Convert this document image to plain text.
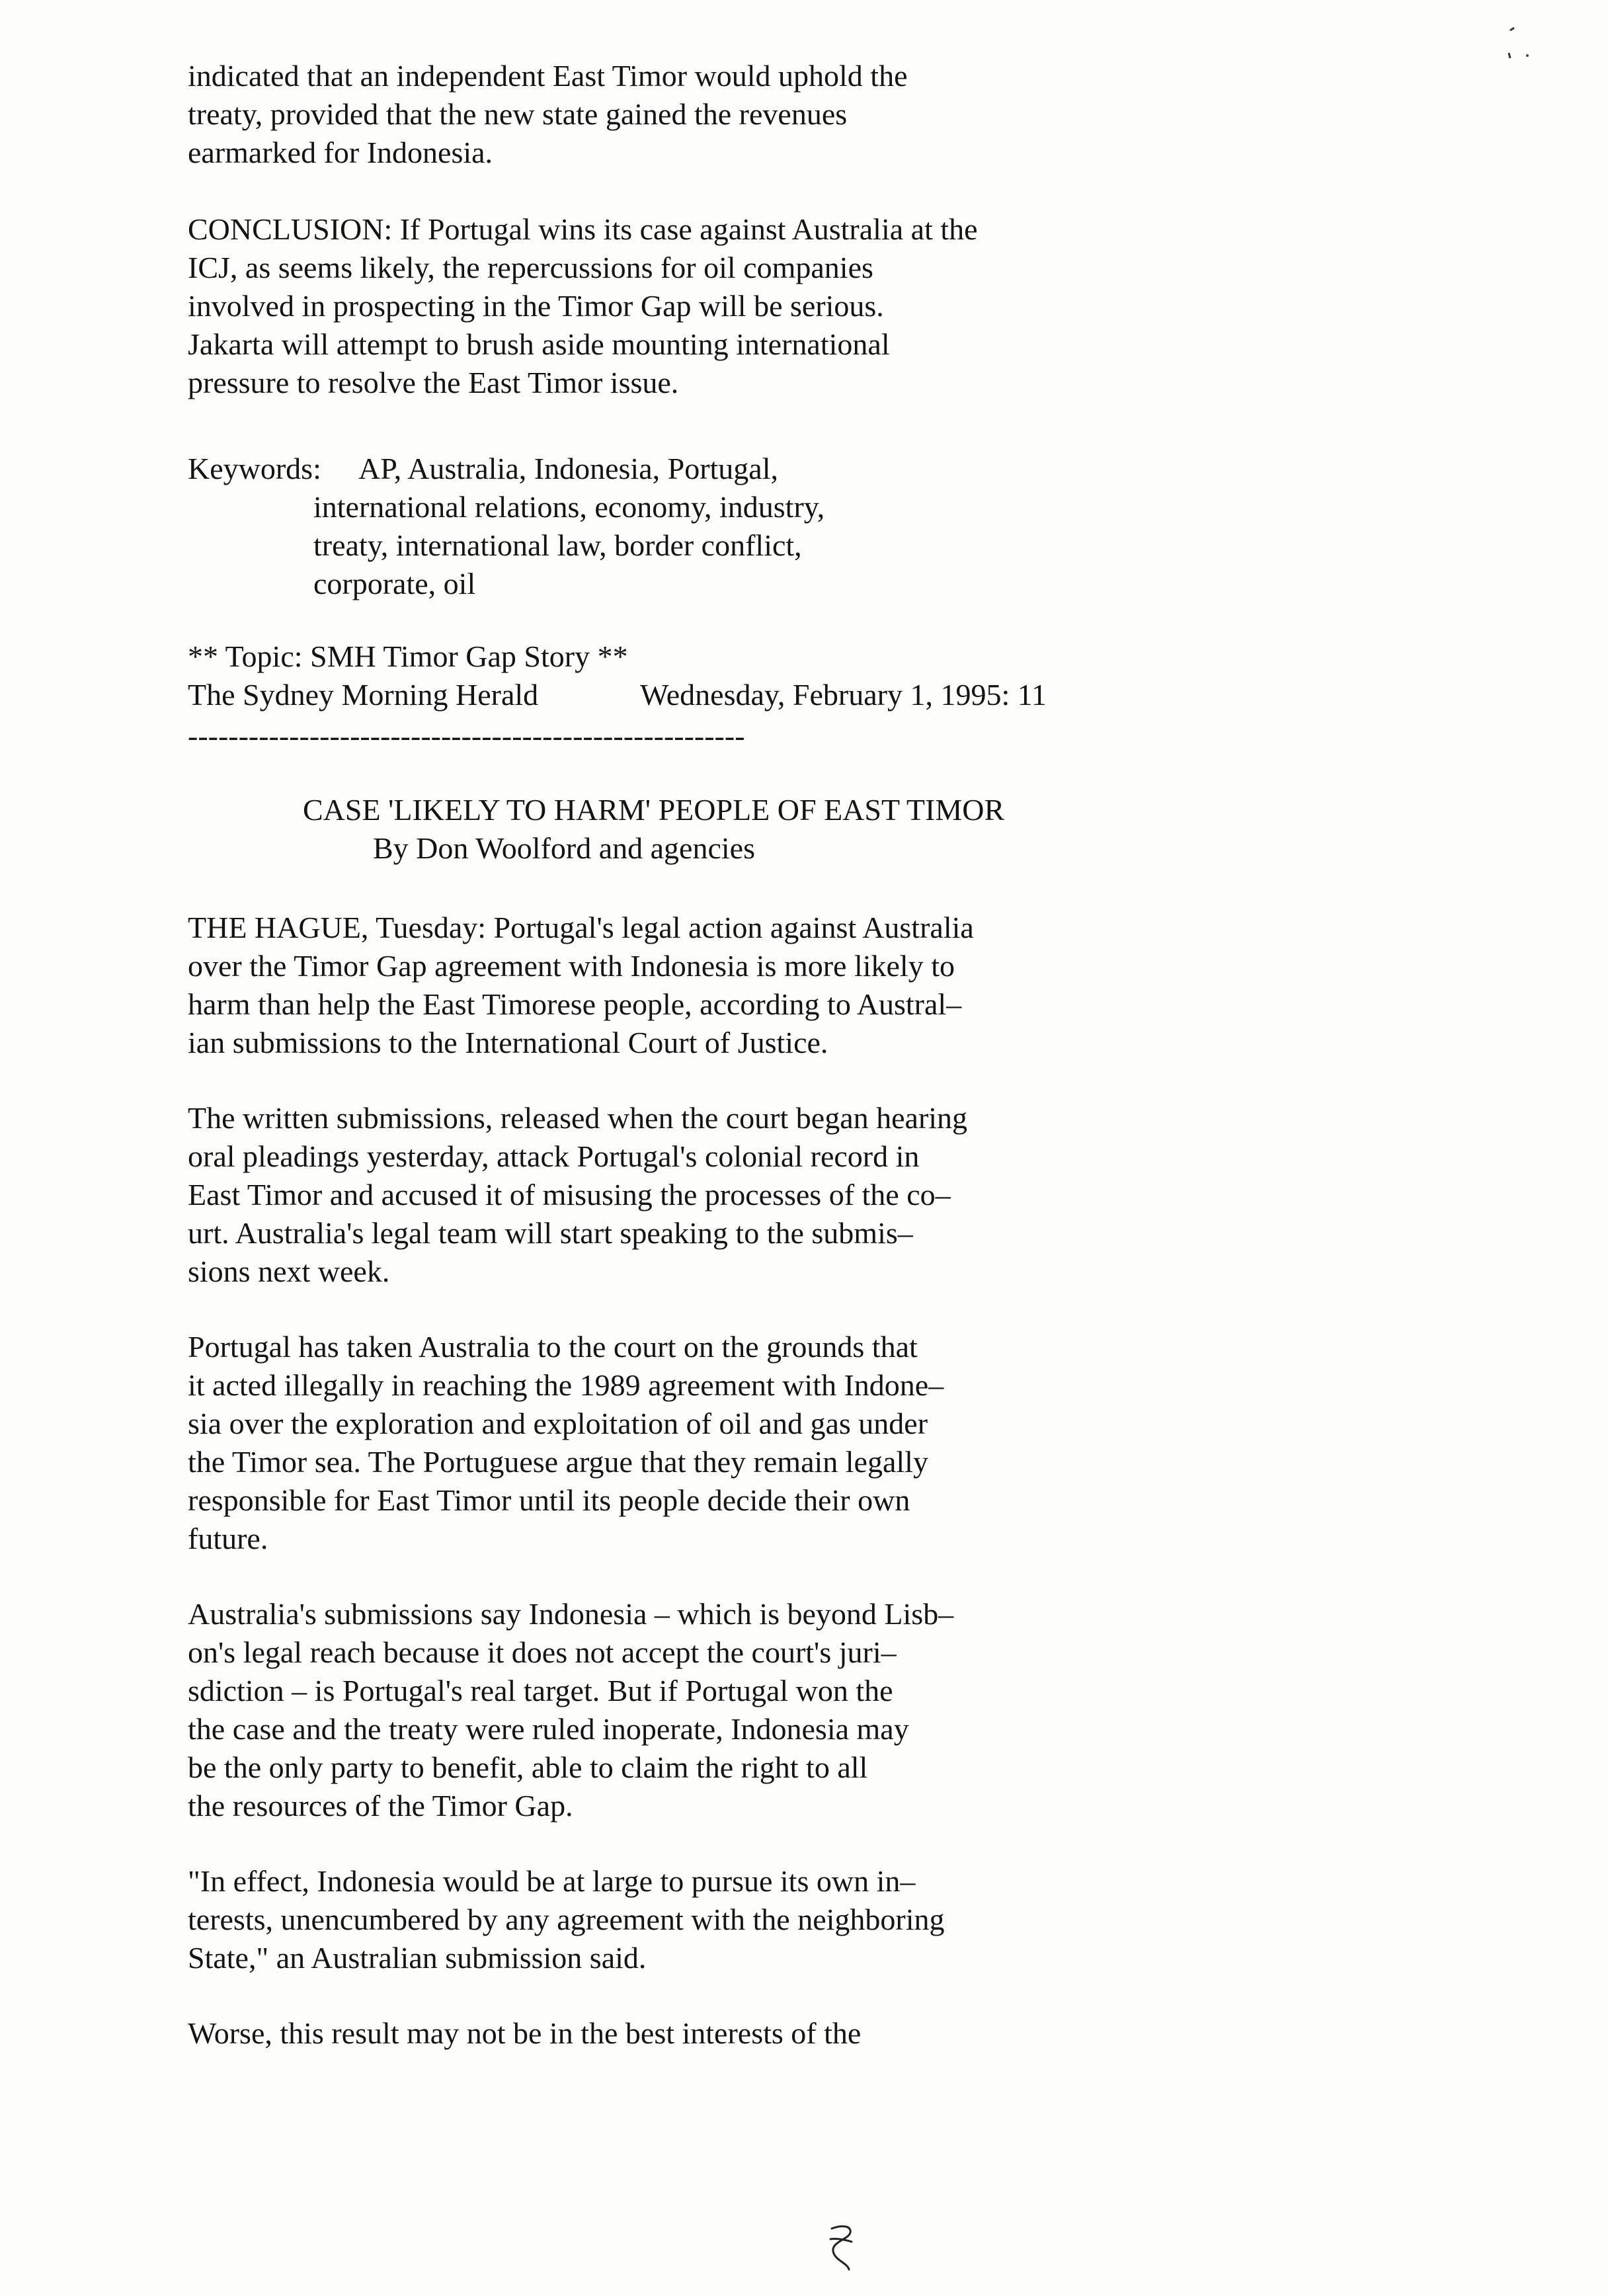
indicated that an independent East Timor would uphold the
treaty, provided that the new state gained the revenues
earmarked for Indonesia.
CONCLUSION: If Portugal wins its case against Australia at the
ICJ, as seems likely, the repercussions for oil companies
involved in prospecting in the Timor Gap will be serious.
Jakarta will attempt to brush aside mounting international
pressure to resolve the East Timor issue.
Keywords: AP, Australia, Indonesia, Portugal,
international relations, economy, industry,
treaty, international law, border conflict,
corporate, oil
** Topic: SMH Timor Gap Story **
The Sydney Morning Herald	Wednesday, February 1, 1995: 11
-------------------------------------------------------
CASE 'LIKELY TO HARM' PEOPLE OF EAST TIMOR
By Don Woolford and agencies
THE HAGUE, Tuesday: Portugal's legal action against Australia
over the Timor Gap agreement with Indonesia is more likely to
harm than help the East Timorese people, according to Austral–
ian submissions to the International Court of Justice.
The written submissions, released when the court began hearing
oral pleadings yesterday, attack Portugal's colonial record in
East Timor and accused it of misusing the processes of the co–
urt. Australia's legal team will start speaking to the submis–
sions next week.
Portugal has taken Australia to the court on the grounds that
it acted illegally in reaching the 1989 agreement with Indone–
sia over the exploration and exploitation of oil and gas under
the Timor sea. The Portuguese argue that they remain legally
responsible for East Timor until its people decide their own
future.
Australia's submissions say Indonesia – which is beyond Lisb–
on's legal reach because it does not accept the court's juri–
sdiction – is Portugal's real target. But if Portugal won the
the case and the treaty were ruled inoperate, Indonesia may
be the only party to benefit, able to claim the right to all
the resources of the Timor Gap.
"In effect, Indonesia would be at large to pursue its own in–
terests, unencumbered by any agreement with the neighboring
State," an Australian submission said.
Worse, this result may not be in the best interests of the
